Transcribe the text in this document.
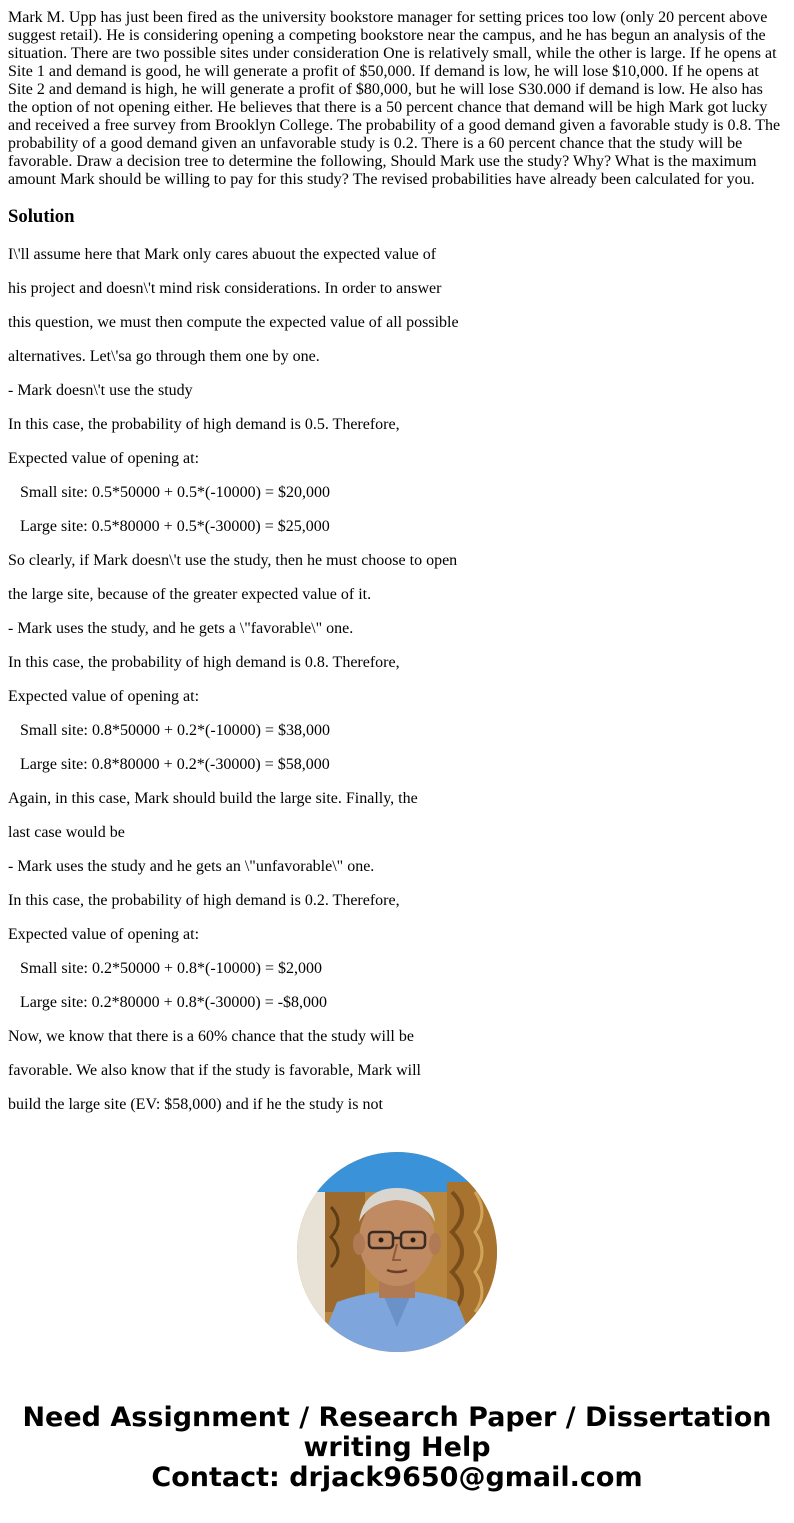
Mark M. Upp has just been fired as the university bookstore manager for setting prices too low (only 20 percent above suggest retail). He is considering opening a competing bookstore near the campus, and he has begun an analysis of the situation. There are two possible sites under consideration One is relatively small, while the other is large. If he opens at Site 1 and demand is good, he will generate a profit of $50,000. If demand is low, he will lose $10,000. If he opens at Site 2 and demand is high, he will generate a profit of $80,000, but he will lose S30.000 if demand is low. He also has the option of not opening either. He believes that there is a 50 percent chance that demand will be high Mark got lucky and received a free survey from Brooklyn College. The probability of a good demand given a favorable study is 0.8. The probability of a good demand given an unfavorable study is 0.2. There is a 60 percent chance that the study will be favorable. Draw a decision tree to determine the following, Should Mark use the study? Why? What is the maximum amount Mark should be willing to pay for this study? The revised probabilities have already been calculated for you.

Solution
I\'ll assume here that Mark only cares abuout the expected value of
his project and doesn\'t mind risk considerations. In order to answer
this question, we must then compute the expected value of all possible
alternatives. Let\'sa go through them one by one.
- Mark doesn\'t use the study
In this case, the probability of high demand is 0.5. Therefore,
Expected value of opening at:
Small site: 0.5*50000 + 0.5*(-10000) = $20,000
Large site: 0.5*80000 + 0.5*(-30000) = $25,000
So clearly, if Mark doesn\'t use the study, then he must choose to open
the large site, because of the greater expected value of it.
- Mark uses the study, and he gets a \"favorable\" one.
In this case, the probability of high demand is 0.8. Therefore,
Expected value of opening at:
Small site: 0.8*50000 + 0.2*(-10000) = $38,000
Large site: 0.8*80000 + 0.2*(-30000) = $58,000
Again, in this case, Mark should build the large site. Finally, the
last case would be
- Mark uses the study and he gets an \"unfavorable\" one.
In this case, the probability of high demand is 0.2. Therefore,
Expected value of opening at:
Small site: 0.2*50000 + 0.8*(-10000) = $2,000
Large site: 0.2*80000 + 0.8*(-30000) = -$8,000
Now, we know that there is a 60% chance that the study will be
favorable. We also know that if the study is favorable, Mark will
build the large site (EV: $58,000) and if he the study is not

Need Assignment / Research Paper / Dissertation
writing Help
Contact: drjack9650@gmail.com
